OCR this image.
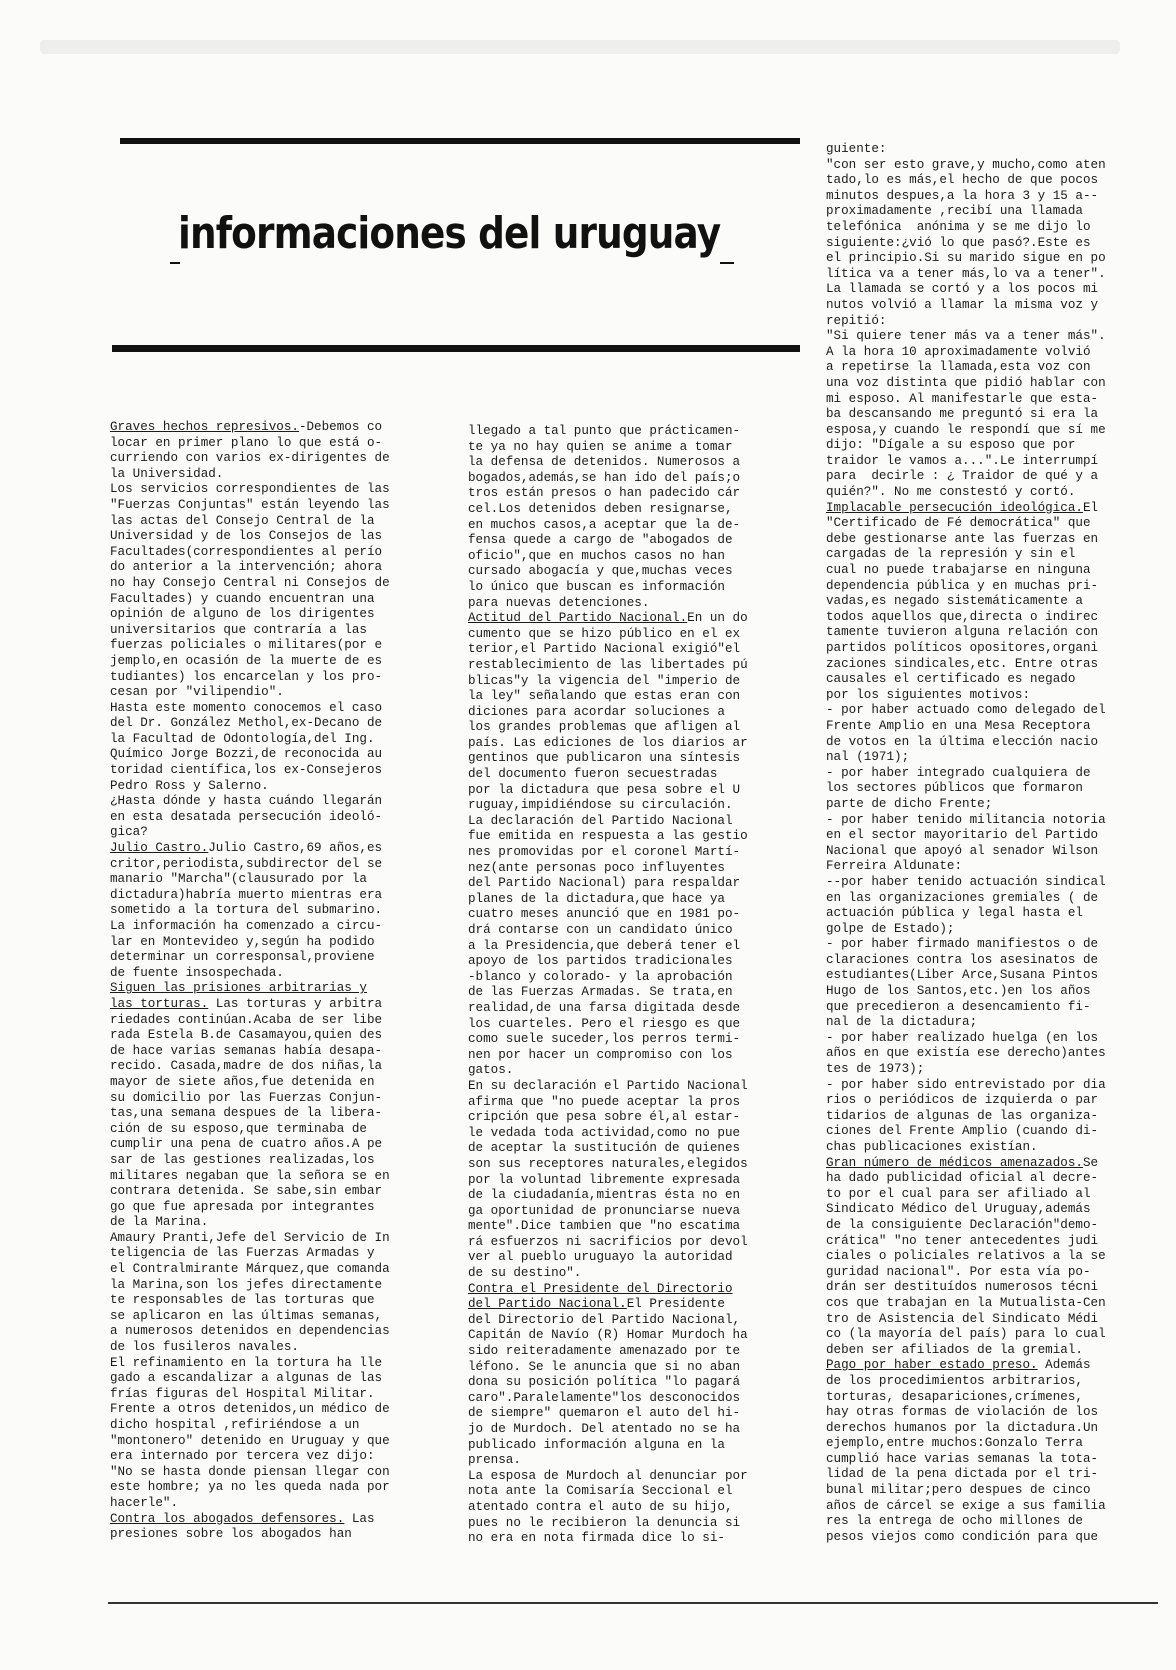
informaciones del uruguay

Graves hechos represivos.-Debemos co

locar en primer plano lo que está o-

curriendo con varios ex-dirigentes de

la Universidad.

Los servicios correspondientes de las

"Fuerzas Conjuntas" están leyendo las

las actas del Consejo Central de la

Universidad y de los Consejos de las

Facultades(correspondientes al perío

do anterior a la intervención; ahora

no hay Consejo Central ni Consejos de

Facultades) y cuando encuentran una

opinión de alguno de los dirigentes

universitarios que contraría a las

fuerzas policiales o militares(por e

jemplo,en ocasión de la muerte de es

tudiantes) los encarcelan y los pro-

cesan por "vilipendio".

Hasta este momento conocemos el caso

del Dr. González Methol,ex-Decano de

la Facultad de Odontología,del Ing.

Químico Jorge Bozzi,de reconocida au

toridad científica,los ex-Consejeros

Pedro Ross y Salerno.

¿Hasta dónde y hasta cuándo llegarán

en esta desatada persecución ideoló-

gica?

Julio Castro.Julio Castro,69 años,es

critor,periodista,subdirector del se

manario "Marcha"(clausurado por la

dictadura)habría muerto mientras era

sometido a la tortura del submarino.

La información ha comenzado a circu-

lar en Montevideo y,según ha podido

determinar un corresponsal,proviene

de fuente insospechada.

Siguen las prisiones arbitrarias y

las torturas. Las torturas y arbitra

riedades continúan.Acaba de ser libe

rada Estela B.de Casamayou,quien des

de hace varias semanas había desapa-

recido. Casada,madre de dos niñas,la

mayor de siete años,fue detenida en

su domicilio por las Fuerzas Conjun-

tas,una semana despues de la libera-

ción de su esposo,que terminaba de

cumplir una pena de cuatro años.A pe

sar de las gestiones realizadas,los

militares negaban que la señora se en

contrara detenida. Se sabe,sin embar

go que fue apresada por integrantes

de la Marina.

Amaury Pranti,Jefe del Servicio de In

teligencia de las Fuerzas Armadas y

el Contralmirante Márquez,que comanda

la Marina,son los jefes directamente

te responsables de las torturas que

se aplicaron en las últimas semanas,

a numerosos detenidos en dependencias

de los fusileros navales.

El refinamiento en la tortura ha lle

gado a escandalizar a algunas de las

frías figuras del Hospital Militar.

Frente a otros detenidos,un médico de

dicho hospital ,refiriéndose a un

"montonero" detenido en Uruguay y que

era internado por tercera vez dijo:

"No se hasta donde piensan llegar con

este hombre; ya no les queda nada por

hacerle".

Contra los abogados defensores. Las

presiones sobre los abogados han

llegado a tal punto que prácticamen-

te ya no hay quien se anime a tomar

la defensa de detenidos. Numerosos a

bogados,además,se han ido del país;o

tros están presos o han padecido cár

cel.Los detenidos deben resignarse,

en muchos casos,a aceptar que la de-

fensa quede a cargo de "abogados de

oficio",que en muchos casos no han

cursado abogacía y que,muchas veces

lo único que buscan es información

para nuevas detenciones.

Actitud del Partido Nacional.En un do

cumento que se hizo público en el ex

terior,el Partido Nacional exigió"el

restablecimiento de las libertades pú

blicas"y la vigencia del "imperio de

la ley" señalando que estas eran con

diciones para acordar soluciones a

los grandes problemas que afligen al

país. Las ediciones de los diarios ar

gentinos que publicaron una síntesis

del documento fueron secuestradas

por la dictadura que pesa sobre el U

ruguay,impidiéndose su circulación.

La declaración del Partido Nacional

fue emitida en respuesta a las gestio

nes promovidas por el coronel Martí-

nez(ante personas poco influyentes

del Partido Nacional) para respaldar

planes de la dictadura,que hace ya

cuatro meses anunció que en 1981 po-

drá contarse con un candidato único

a la Presidencia,que deberá tener el

apoyo de los partidos tradicionales

-blanco y colorado- y la aprobación

de las Fuerzas Armadas. Se trata,en

realidad,de una farsa digitada desde

los cuarteles. Pero el riesgo es que

como suele suceder,los perros termi-

nen por hacer un compromiso con los

gatos.

En su declaración el Partido Nacional

afirma que "no puede aceptar la pros

cripción que pesa sobre él,al estar-

le vedada toda actividad,como no pue

de aceptar la sustitución de quienes

son sus receptores naturales,elegidos

por la voluntad libremente expresada

de la ciudadanía,mientras ésta no en

ga oportunidad de pronunciarse nueva

mente".Dice tambien que "no escatima

rá esfuerzos ni sacrificios por devol

ver al pueblo uruguayo la autoridad

de su destino".

Contra el Presidente del Directorio

del Partido Nacional.El Presidente

del Directorio del Partido Nacional,

Capitán de Navío (R) Homar Murdoch ha

sido reiteradamente amenazado por te

léfono. Se le anuncia que si no aban

dona su posición política "lo pagará

caro".Paralelamente"los desconocidos

de siempre" quemaron el auto del hi-

jo de Murdoch. Del atentado no se ha

publicado información alguna en la

prensa.

La esposa de Murdoch al denunciar por

nota ante la Comisaría Seccional el

atentado contra el auto de su hijo,

pues no le recibieron la denuncia si

no era en nota firmada dice lo si-

guiente:

"con ser esto grave,y mucho,como aten

tado,lo es más,el hecho de que pocos

minutos despues,a la hora 3 y 15 a--

proximadamente ,recibí una llamada

telefónica  anónima y se me dijo lo

siguiente:¿vió lo que pasó?.Este es

el principio.Si su marido sigue en po

lítica va a tener más,lo va a tener".

La llamada se cortó y a los pocos mi

nutos volvió a llamar la misma voz y

repitió:

"Si quiere tener más va a tener más".

A la hora 10 aproximadamente volvió

a repetirse la llamada,esta voz con

una voz distinta que pidió hablar con

mi esposo. Al manifestarle que esta-

ba descansando me preguntó si era la

esposa,y cuando le respondí que sí me

dijo: "Dígale a su esposo que por

traidor le vamos a...".Le interrumpí

para  decirle : ¿ Traidor de qué y a

quién?". No me constestó y cortó.

Implacable persecución ideológica.El

"Certificado de Fé democrática" que

debe gestionarse ante las fuerzas en

cargadas de la represión y sin el

cual no puede trabajarse en ninguna

dependencia pública y en muchas pri-

vadas,es negado sistemáticamente a

todos aquellos que,directa o indirec

tamente tuvieron alguna relación con

partidos políticos opositores,organi

zaciones sindicales,etc. Entre otras

causales el certificado es negado

por los siguientes motivos:

- por haber actuado como delegado del

Frente Amplio en una Mesa Receptora

de votos en la última elección nacio

nal (1971);

- por haber integrado cualquiera de

los sectores públicos que formaron

parte de dicho Frente;

- por haber tenido militancia notoria

en el sector mayoritario del Partido

Nacional que apoyó al senador Wilson

Ferreira Aldunate:

--por haber tenido actuación sindical

en las organizaciones gremiales ( de

actuación pública y legal hasta el

golpe de Estado);

- por haber firmado manifiestos o de

claraciones contra los asesinatos de

estudiantes(Liber Arce,Susana Pintos

Hugo de los Santos,etc.)en los años

que precedieron a desencamiento fi-

nal de la dictadura;

- por haber realizado huelga (en los

años en que existía ese derecho)antes

tes de 1973);

- por haber sido entrevistado por dia

rios o periódicos de izquierda o par

tidarios de algunas de las organiza-

ciones del Frente Amplio (cuando di-

chas publicaciones existían.

Gran número de médicos amenazados.Se

ha dado publicidad oficial al decre-

to por el cual para ser afiliado al

Sindicato Médico del Uruguay,además

de la consiguiente Declaración"demo-

crática" "no tener antecedentes judi

ciales o policiales relativos a la se

guridad nacional". Por esta vía po-

drán ser destituídos numerosos técni

cos que trabajan en la Mutualista-Cen

tro de Asistencia del Sindicato Médi

co (la mayoría del país) para lo cual

deben ser afiliados de la gremial.

Pago por haber estado preso. Además

de los procedimientos arbitrarios,

torturas, desapariciones,crímenes,

hay otras formas de violación de los

derechos humanos por la dictadura.Un

ejemplo,entre muchos:Gonzalo Terra

cumplió hace varias semanas la tota-

lidad de la pena dictada por el tri-

bunal militar;pero despues de cinco

años de cárcel se exige a sus familia

res la entrega de ocho millones de

pesos viejos como condición para que
